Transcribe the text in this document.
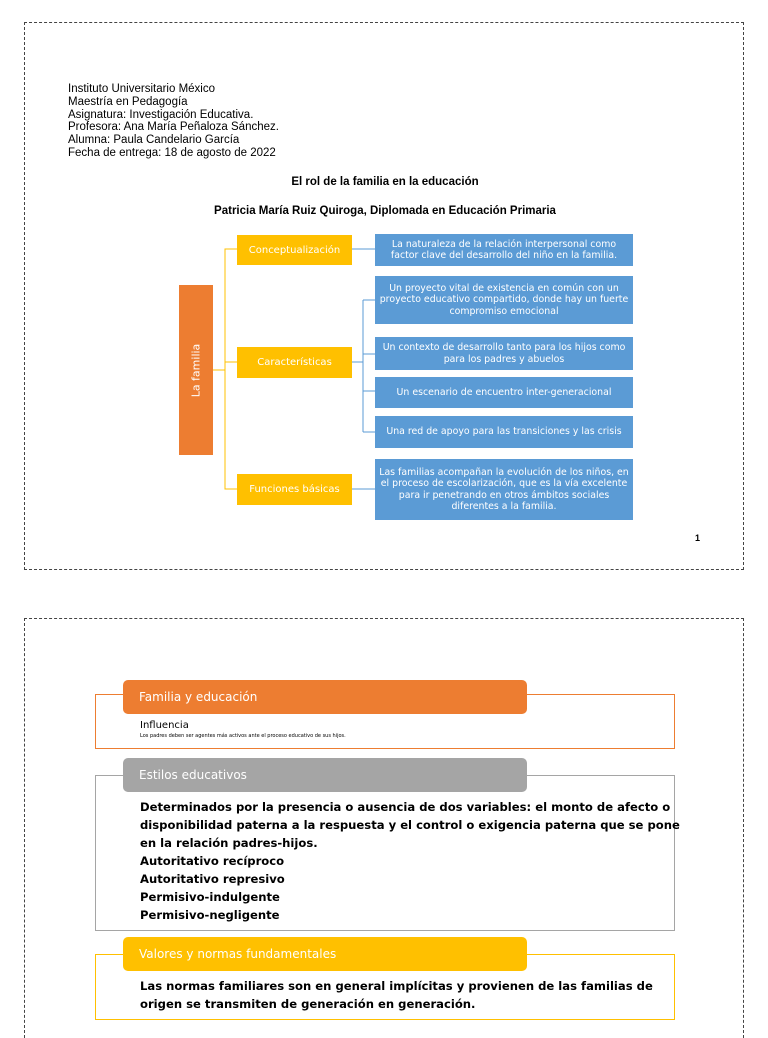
Instituto Universitario México
Maestría en Pedagogía
Asignatura: Investigación Educativa.
Profesora: Ana María Peñaloza Sánchez.
Alumna: Paula Candelario García
Fecha de entrega: 18 de agosto de 2022
El rol de la familia en la educación
Patricia María Ruiz Quiroga, Diplomada en Educación Primaria
La familia
Conceptualización
Características
Funciones básicas
La naturaleza de la relación interpersonal como factor clave del desarrollo del niño en la familia.
Un proyecto vital de existencia en común con un proyecto educativo compartido, donde hay un fuerte compromiso emocional
Un contexto de desarrollo tanto para los hijos como para los padres y abuelos
Un escenario de encuentro inter-generacional
Una red de apoyo para las transiciones y las crisis
Las familias acompañan la evolución de los niños, en el proceso de escolarización, que es la vía excelente para ir penetrando en otros ámbitos sociales diferentes a la familia.
1
Influencia
Los padres deben ser agentes más activos ante el proceso educativo de sus hijos.
Familia y educación
Determinados por la presencia o ausencia de dos variables: el monto de afecto o
disponibilidad paterna a la respuesta y el control o exigencia paterna que se pone
en la relación padres-hijos.
Autoritativo recíproco
Autoritativo represivo
Permisivo-indulgente
Permisivo-negligente
Estilos educativos
Las normas familiares son en general implícitas y provienen de las familias de
origen se transmiten de generación en generación.
Valores y normas fundamentales
